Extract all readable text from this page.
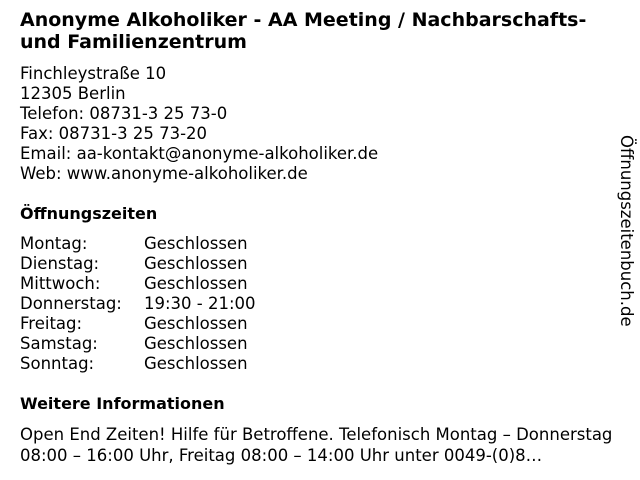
Anonyme Alkoholiker - AA Meeting / Nachbarschafts- und Familienzentrum
Finchleystraße 10
12305 Berlin
Telefon: 08731-3 25 73-0
Fax: 08731-3 25 73-20
Email: aa-kontakt@anonyme-alkoholiker.de
Web: www.anonyme-alkoholiker.de
Öffnungszeiten
Montag:	Geschlossen
Dienstag:	Geschlossen
Mittwoch:	Geschlossen
Donnerstag: 19:30 - 21:00
Freitag:	Geschlossen
Samstag:	Geschlossen
Sonntag:	Geschlossen
Weitere Informationen
Open End Zeiten! Hilfe für Betroffene. Telefonisch Montag – Donnerstag 08:00 – 16:00 Uhr, Freitag 08:00 – 14:00 Uhr unter 0049-(0)8…
Öffnungszeitenbuch.de
